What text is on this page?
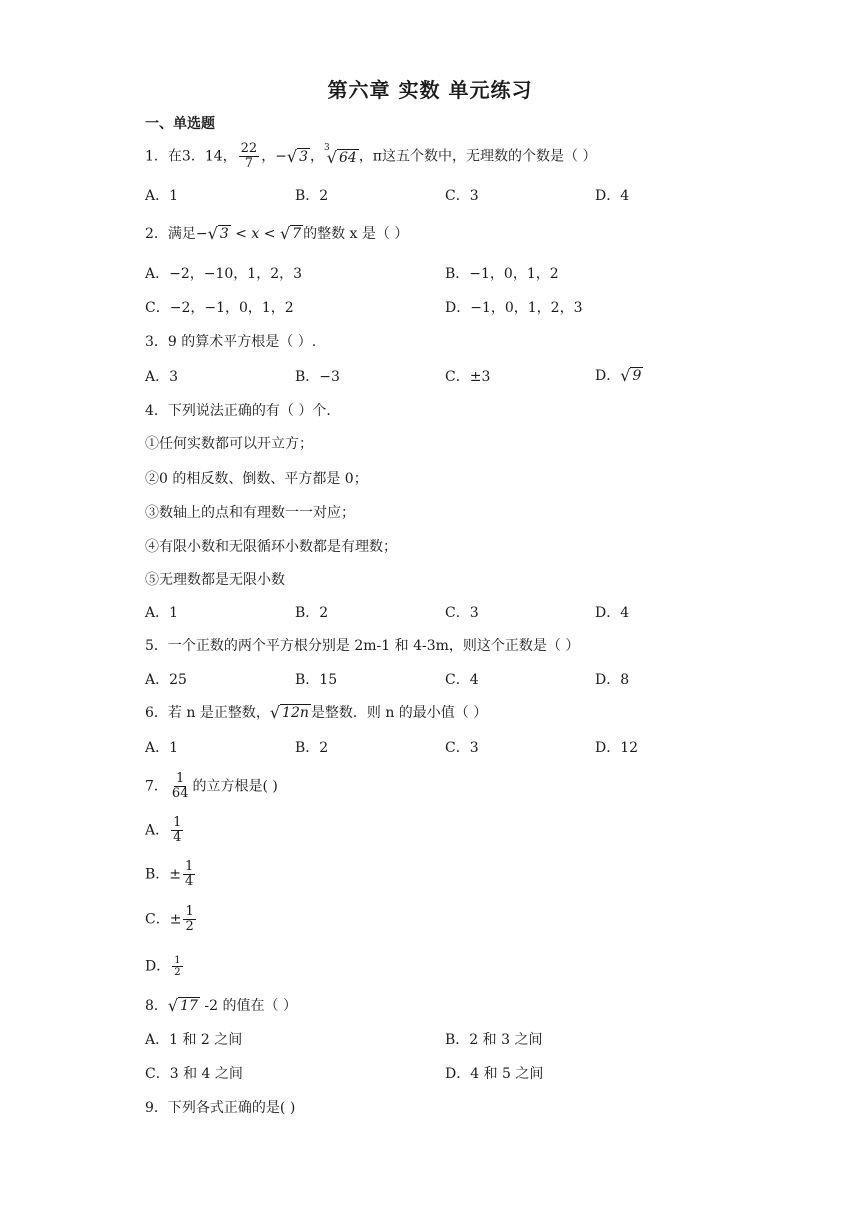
第六章 实数 单元练习
一、单选题
1．在3．14， $\frac{22}{7}$ ，− √ 3 ，
3
√ 64 ，π这五个数中，无理数的个数是（ ）
A．1	B．2	C．3	D．4
2．满足− √ 3 < x < √ 7 的整数 x 是（ ）
A．−2，−10，1，2，3	B．−1，0，1，2
C．−2，−1，0，1，2	D．−1，0，1，2，3
3．9 的算术平方根是（ ）.
A．3	B．−3	C．±3	D． √ 9
4．下列说法正确的有（ ）个．
①任何实数都可以开立方；
②0 的相反数、倒数、平方都是 0；
③数轴上的点和有理数一一对应；
④有限小数和无限循环小数都是有理数；
⑤无理数都是无限小数
A．1	B．2	C．3	D．4
5．一个正数的两个平方根分别是 2m-1 和 4-3m，则这个正数是（ ）
A．25	B．15	C．4	D．8
6．若 n 是正整数， √ 12n 是整数．则 n 的最小值（ ）
A．1	B．2	C．3	D．12
7． $\frac{1}{64}$ 的立方根是( )
A． $\frac{1}{4}$
B．± $\frac{1}{4}$
C．± $\frac{1}{2}$
D． $\frac{1}{2}$
8． √ 17 -2 的值在（ ）
A．1 和 2 之间	B．2 和 3 之间
C．3 和 4 之间	D．4 和 5 之间
9．下列各式正确的是( )
